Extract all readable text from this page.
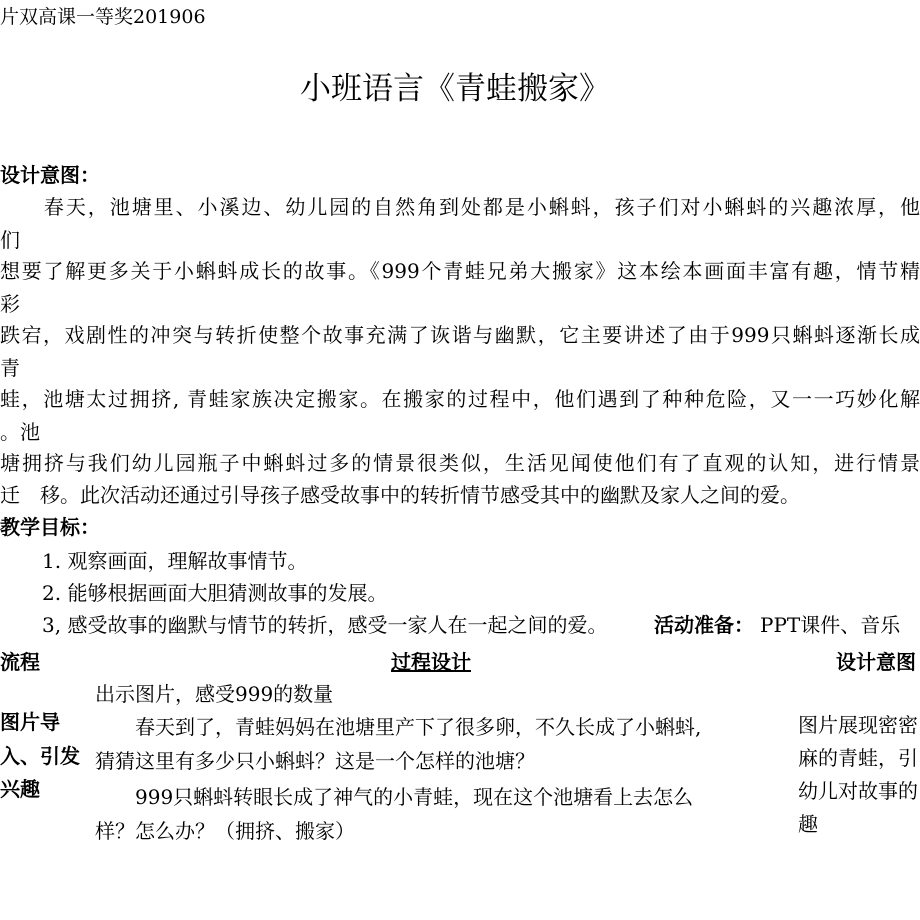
片双高课一等奖201906
小班语言《青蛙搬家》
设计意图：
　　春天，池塘里、小溪边、幼儿园的自然角到处都是小蝌蚪，孩子们对小蝌蚪的兴趣浓厚，他
们
想要了解更多关于小蝌蚪成长的故事。《999个青蛙兄弟大搬家》这本绘本画面丰富有趣，情节精
彩
跌宕，戏剧性的冲突与转折使整个故事充满了诙谐与幽默，它主要讲述了由于999只蝌蚪逐渐长成
青
蛙，池塘太过拥挤, 青蛙家族决定搬家。在搬家的过程中，他们遇到了种种危险，又一一巧妙化解
。池
塘拥挤与我们幼儿园瓶子中蝌蚪过多的情景很类似，生活见闻使他们有了直观的认知，进行情景
迁　移。此次活动还通过引导孩子感受故事中的转折情节感受其中的幽默及家人之间的爱。
教学目标：
1. 观察画面，理解故事情节。
2. 能够根据画面大胆猜测故事的发展。
3, 感受故事的幽默与情节的转折，感受一家人在一起之间的爱。 活动准备： PPT课件、音乐
流程	过程设计	设计意图
图片导
入、引发
兴趣
出示图片，感受999的数量
　　春天到了，青蛙妈妈在池塘里产下了很多卵，不久长成了小蝌蚪,
猜猜这里有多少只小蝌蚪？这是一个怎样的池塘？
　　999只蝌蚪转眼长成了神气的小青蛙，现在这个池塘看上去怎么
样？怎么办？（拥挤、搬家）
图片展现密密
麻的青蛙，引
幼儿对故事的
趣
